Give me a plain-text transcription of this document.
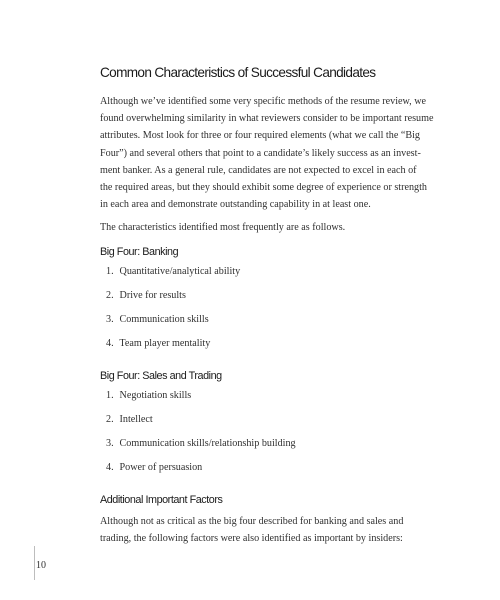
Common Characteristics of Successful Candidates
Although we’ve identified some very specific methods of the resume review, we
found overwhelming similarity in what reviewers consider to be important resume
attributes. Most look for three or four required elements (what we call the “Big
Four”) and several others that point to a candidate’s likely success as an invest-
ment banker. As a general rule, candidates are not expected to excel in each of
the required areas, but they should exhibit some degree of experience or strength
in each area and demonstrate outstanding capability in at least one.
The characteristics identified most frequently are as follows.
Big Four: Banking
1. Quantitative/analytical ability
2. Drive for results
3. Communication skills
4. Team player mentality
Big Four: Sales and Trading
1. Negotiation skills
2. Intellect
3. Communication skills/relationship building
4. Power of persuasion
Additional Important Factors
Although not as critical as the big four described for banking and sales and
trading, the following factors were also identified as important by insiders:
10
